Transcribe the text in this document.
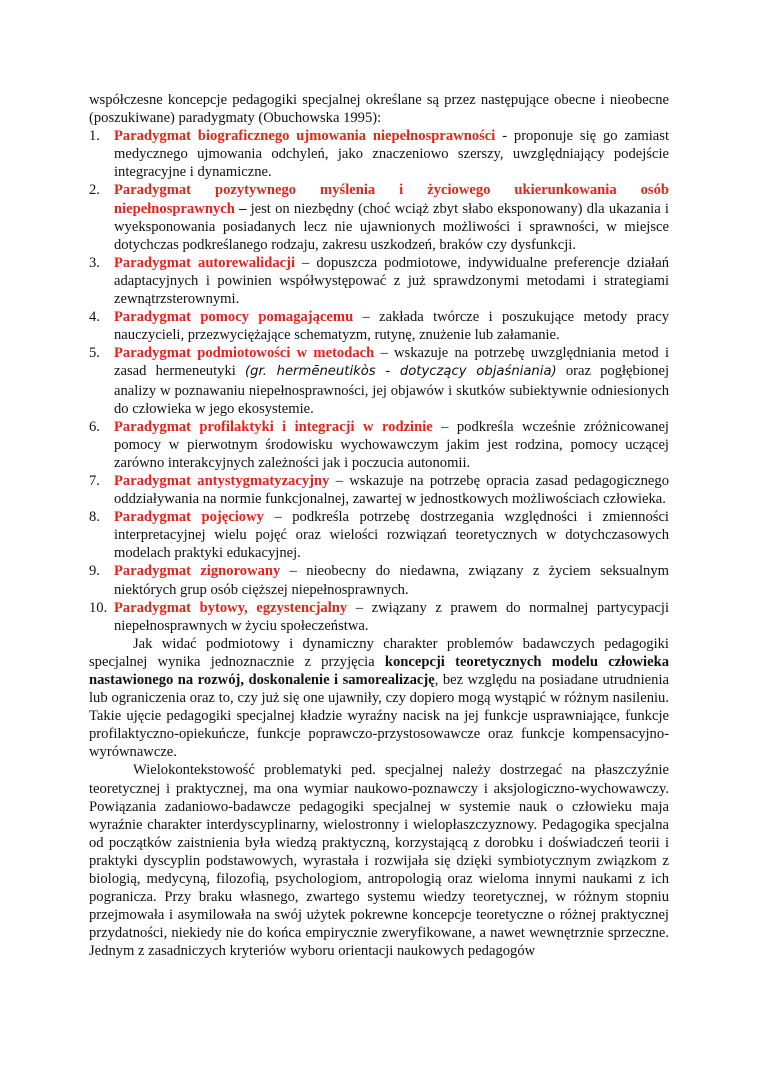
współczesne koncepcje pedagogiki specjalnej określane są przez następujące obecne i nieobecne (poszukiwane) paradygmaty (Obuchowska 1995):

1. Paradygmat biograficznego ujmowania niepełnosprawności - proponuje się go zamiast medycznego ujmowania odchyleń, jako znaczeniowo szerszy, uwzględniający podejście integracyjne i dynamiczne.
2. Paradygmat pozytywnego myślenia i życiowego ukierunkowania osób niepełnosprawnych – jest on niezbędny (choć wciąż zbyt słabo eksponowany) dla ukazania i wyeksponowania posiadanych lecz nie ujawnionych możliwości i sprawności, w miejsce dotychczas podkreślanego rodzaju, zakresu uszkodzeń, braków czy dysfunkcji.
3. Paradygmat autorewalidacji – dopuszcza podmiotowe, indywidualne preferencje działań adaptacyjnych i powinien współwystępować z już sprawdzonymi metodami i strategiami zewnątrzsterownymi.
4. Paradygmat pomocy pomagającemu – zakłada twórcze i poszukujące metody pracy nauczycieli, przezwyciężające schematyzm, rutynę, znużenie lub załamanie.
5. Paradygmat podmiotowości w metodach – wskazuje na potrzebę uwzględniania metod i zasad hermeneutyki (gr. hermēneutikòs - dotyczący objaśniania) oraz pogłębionej analizy w poznawaniu niepełnosprawności, jej objawów i skutków subiektywnie odniesionych do człowieka w jego ekosystemie.
6. Paradygmat profilaktyki i integracji w rodzinie – podkreśla wcześnie zróżnicowanej pomocy w pierwotnym środowisku wychowawczym jakim jest rodzina, pomocy uczącej zarówno interakcyjnych zależności jak i poczucia autonomii.
7. Paradygmat antystygmatyzacyjny – wskazuje na potrzebę opracia zasad pedagogicznego oddziaływania na normie funkcjonalnej, zawartej w jednostkowych możliwościach człowieka.
8. Paradygmat pojęciowy – podkreśla potrzebę dostrzegania względności i zmienności interpretacyjnej wielu pojęć oraz wielości rozwiązań teoretycznych w dotychczasowych modelach praktyki edukacyjnej.
9. Paradygmat zignorowany – nieobecny do niedawna, związany z życiem seksualnym niektórych grup osób cięższej niepełnosprawnych.
10. Paradygmat bytowy, egzystencjalny – związany z prawem do normalnej partycypacji niepełnosprawnych w życiu społeczeństwa.

Jak widać podmiotowy i dynamiczny charakter problemów badawczych pedagogiki specjalnej wynika jednoznacznie z przyjęcia koncepcji teoretycznych modelu człowieka nastawionego na rozwój, doskonalenie i samorealizację, bez względu na posiadane utrudnienia lub ograniczenia oraz to, czy już się one ujawniły, czy dopiero mogą wystąpić w różnym nasileniu. Takie ujęcie pedagogiki specjalnej kładzie wyraźny nacisk na jej funkcje usprawniające, funkcje profilaktyczno-opiekuńcze, funkcje poprawczo-przystosowawcze oraz funkcje kompensacyjno-wyrównawcze.

Wielokontekstowość problematyki ped. specjalnej należy dostrzegać na płaszczyźnie teoretycznej i praktycznej, ma ona wymiar naukowo-poznawczy i aksjologiczno-wychowawczy. Powiązania zadaniowo-badawcze pedagogiki specjalnej w systemie nauk o człowieku maja wyraźnie charakter interdyscyplinarny, wielostronny i wielopłaszczyznowy. Pedagogika specjalna od początków zaistnienia była wiedzą praktyczną, korzystającą z dorobku i doświadczeń teorii i praktyki dyscyplin podstawowych, wyrastała i rozwijała się dzięki symbiotycznym związkom z biologią, medycyną, filozofią, psychologiom, antropologią oraz wieloma innymi naukami z ich pogranicza. Przy braku własnego, zwartego systemu wiedzy teoretycznej, w różnym stopniu przejmowała i asymilowała na swój użytek pokrewne koncepcje teoretyczne o różnej praktycznej przydatności, niekiedy nie do końca empirycznie zweryfikowane, a nawet wewnętrznie sprzeczne. Jednym z zasadniczych kryteriów wyboru orientacji naukowych pedagogów
